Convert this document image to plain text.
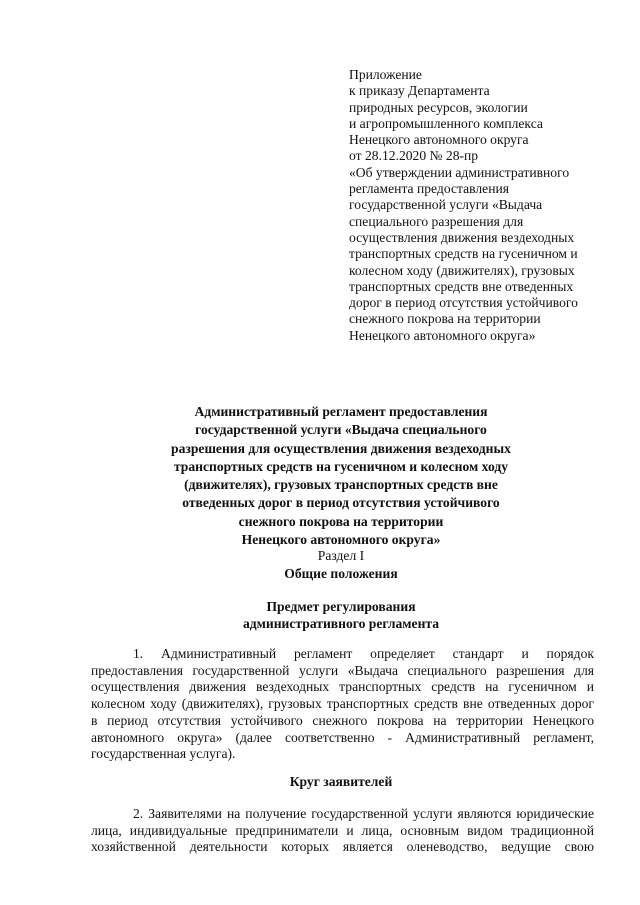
Приложение
к приказу Департамента
природных ресурсов, экологии
и агропромышленного комплекса
Ненецкого автономного округа
от 28.12.2020 № 28-пр
«Об утверждении административного
регламента предоставления
государственной услуги «Выдача
специального разрешения для
осуществления движения вездеходных
транспортных средств на гусеничном и
колесном ходу (движителях), грузовых
транспортных средств вне отведенных
дорог в период отсутствия устойчивого
снежного покрова на территории
Ненецкого автономного округа»
Административный регламент предоставления
государственной услуги «Выдача специального
разрешения для осуществления движения вездеходных
транспортных средств на гусеничном и колесном ходу
(движителях), грузовых транспортных средств вне
отведенных дорог в период отсутствия устойчивого
снежного покрова на территории
Ненецкого автономного округа»
Раздел I
Общие положения
Предмет регулирования
административного регламента
1. Административный регламент определяет стандарт и порядок
предоставления государственной услуги «Выдача специального разрешения для
осуществления движения вездеходных транспортных средств на гусеничном и
колесном ходу (движителях), грузовых транспортных средств вне отведенных дорог
в период отсутствия устойчивого снежного покрова на территории Ненецкого
автономного округа» (далее соответственно - Административный регламент,
государственная услуга).
Круг заявителей
2. Заявителями на получение государственной услуги являются юридические
лица, индивидуальные предприниматели и лица, основным видом традиционной
хозяйственной деятельности которых является оленеводство, ведущие свою
